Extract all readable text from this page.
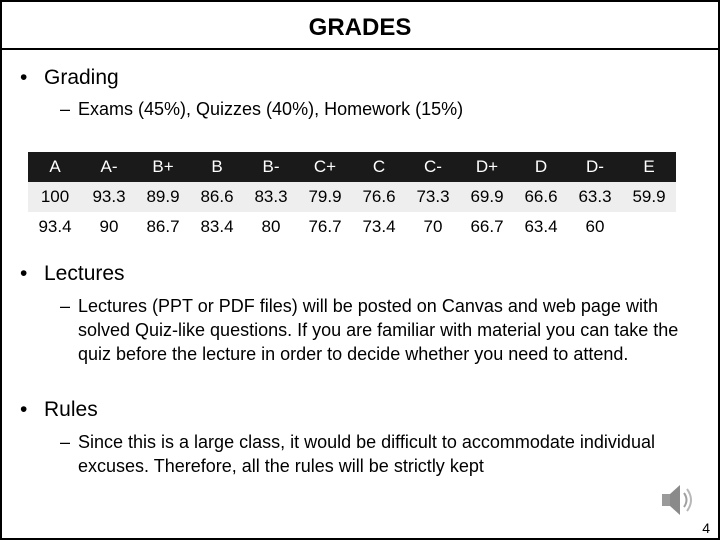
GRADES
• Grading
– Exams (45%), Quizzes (40%), Homework (15%)
A	A-	B+	B	B-	C+	C	C-	D+	D	D-	E
100	93.3	89.9	86.6	83.3	79.9	76.6	73.3	69.9	66.6	63.3	59.9
93.4	90	86.7	83.4	80	76.7	73.4	70	66.7	63.4	60	
• Lectures
– Lectures (PPT or PDF files) will be posted on Canvas and web page with solved Quiz-like questions. If you are familiar with material you can take the quiz before the lecture in order to decide whether you need to attend.
• Rules
– Since this is a large class, it would be difficult to accommodate individual excuses. Therefore, all the rules will be strictly kept
4
